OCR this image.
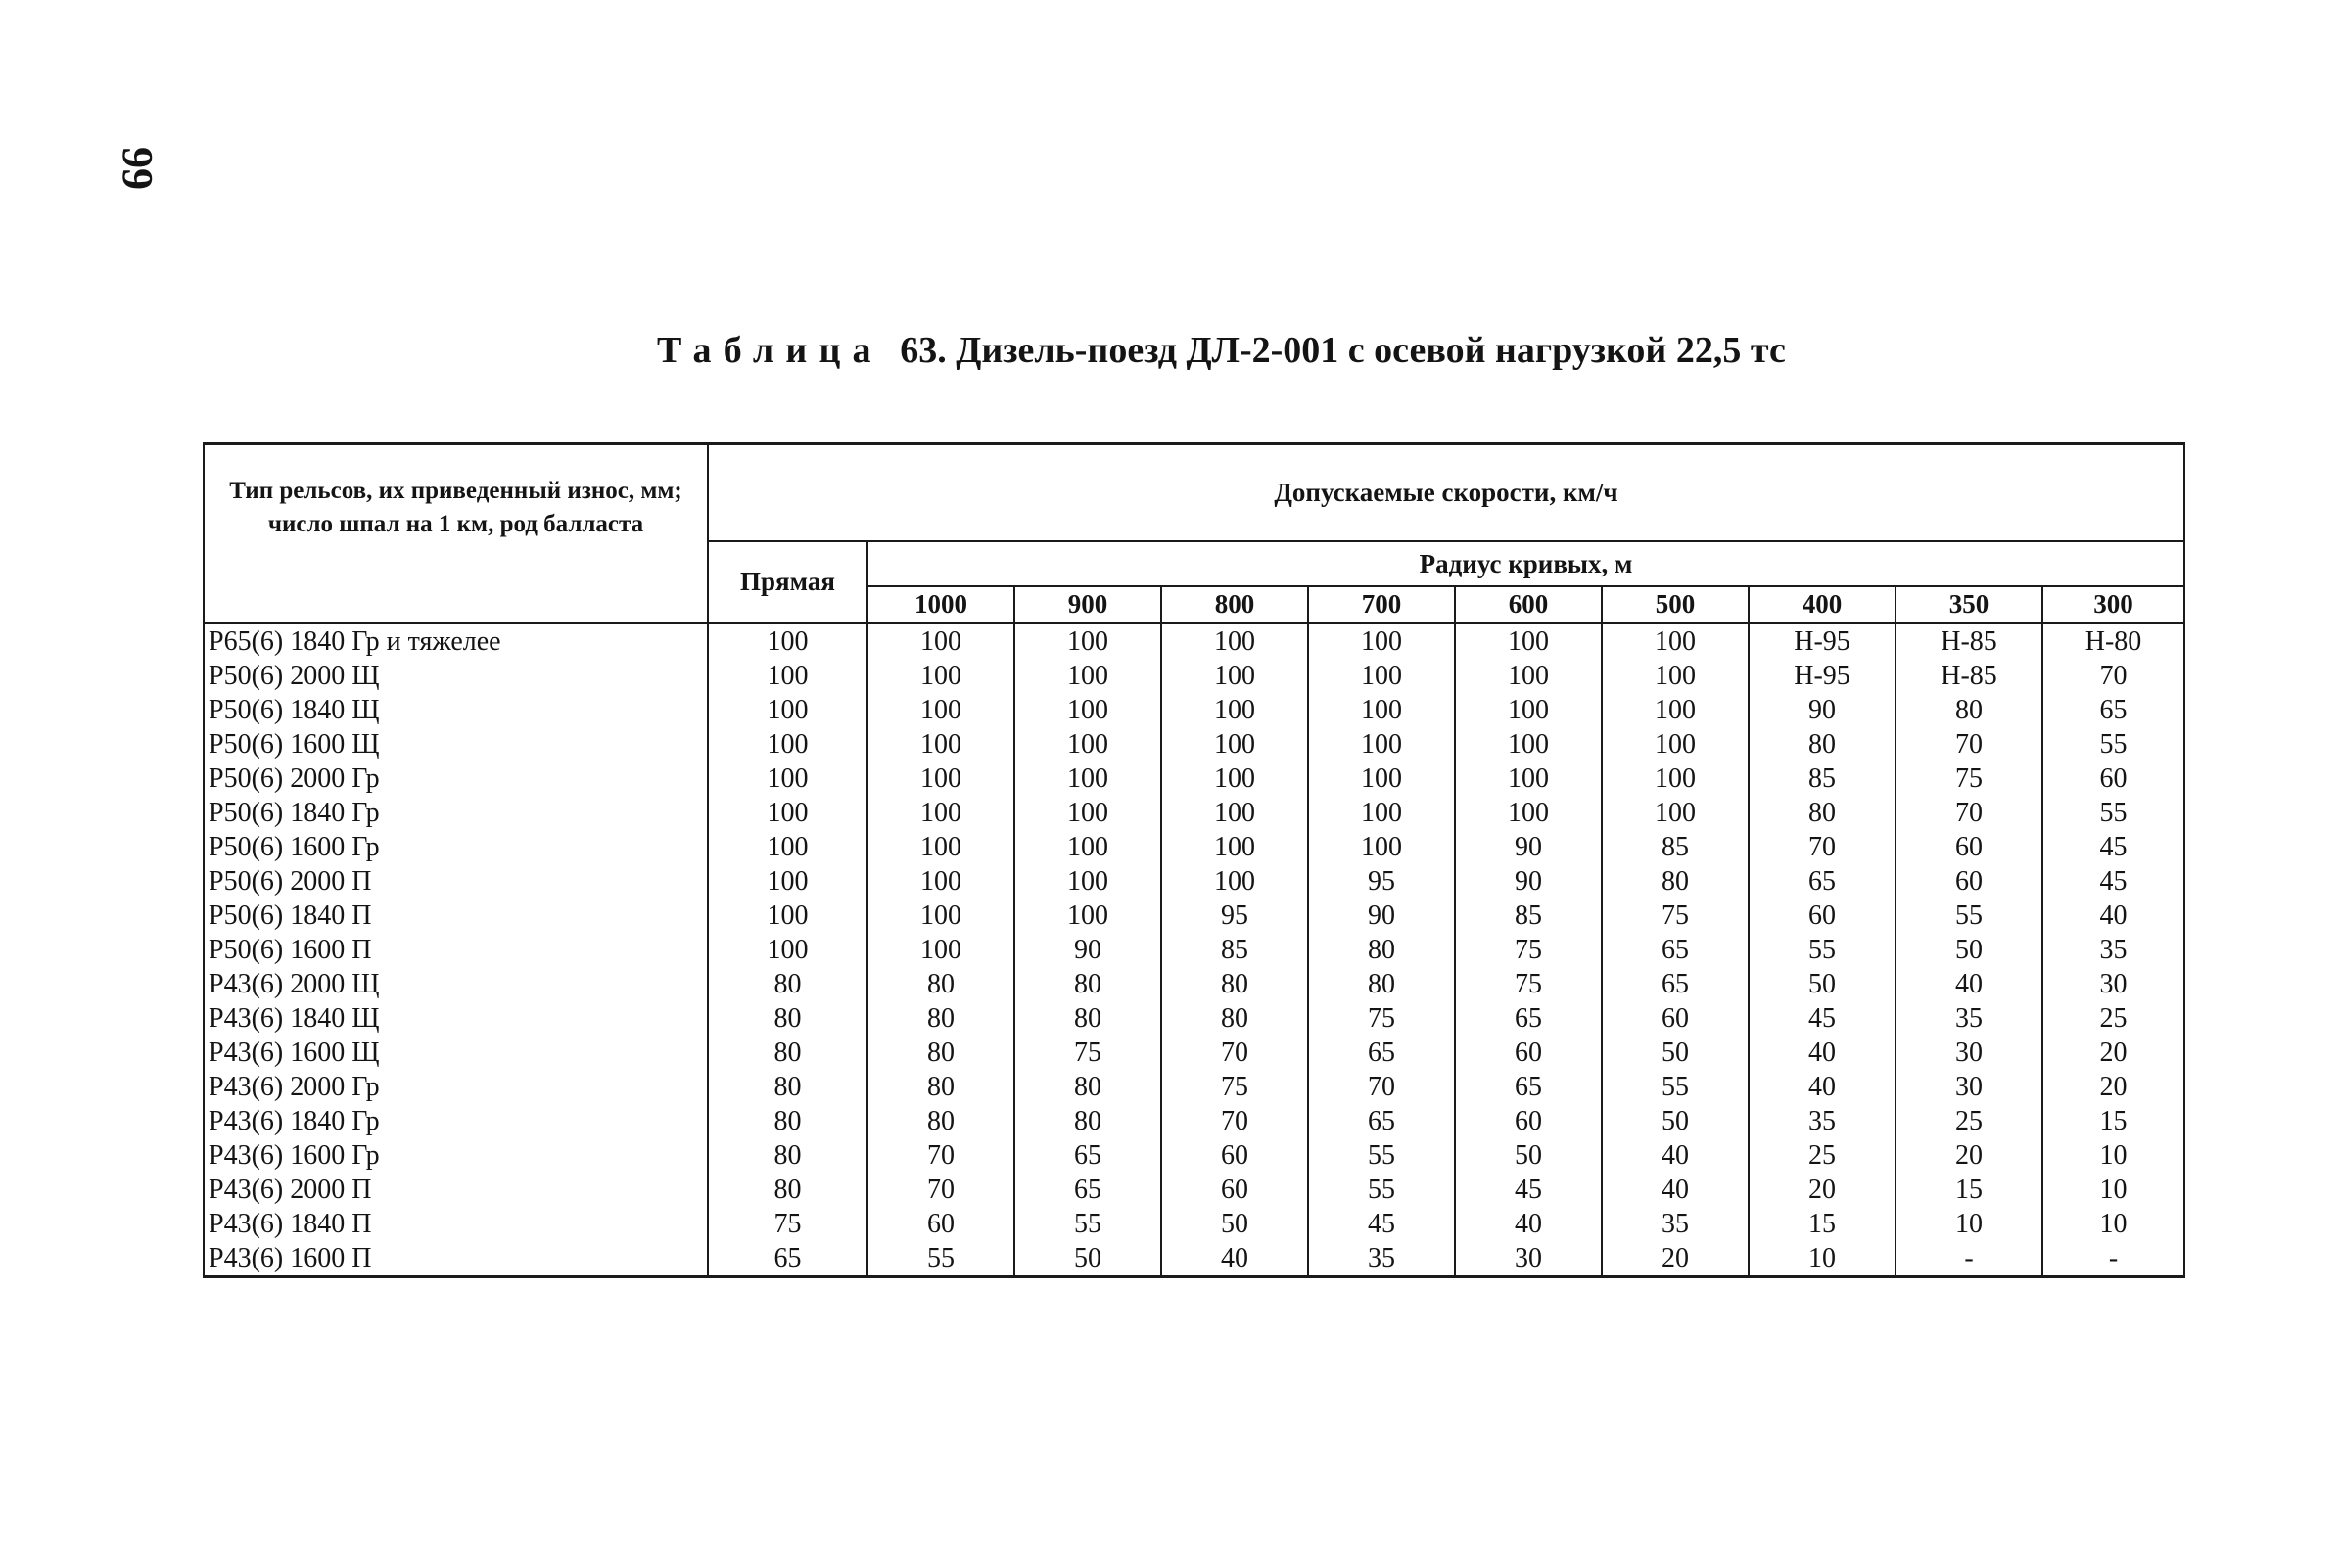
99
Таблица 63. Дизель-поезд ДЛ-2-001 с осевой нагрузкой 22,5 тс
Тип рельсов, их приведенный износ, мм; число шпал на 1 км, род балласта	Допускаемые скорости, км/ч									
	Прямая	Радиус кривых, м								
		1000	900	800	700	600	500	400	350	300
Р65(6) 1840 Гр и тяжелее	100	100	100	100	100	100	100	Н-95	Н-85	Н-80
Р50(6) 2000 Щ	100	100	100	100	100	100	100	Н-95	Н-85	70
Р50(6) 1840 Щ	100	100	100	100	100	100	100	90	80	65
Р50(6) 1600 Щ	100	100	100	100	100	100	100	80	70	55
Р50(6) 2000 Гр	100	100	100	100	100	100	100	85	75	60
Р50(6) 1840 Гр	100	100	100	100	100	100	100	80	70	55
Р50(6) 1600 Гр	100	100	100	100	100	90	85	70	60	45
Р50(6) 2000 П	100	100	100	100	95	90	80	65	60	45
Р50(6) 1840 П	100	100	100	95	90	85	75	60	55	40
Р50(6) 1600 П	100	100	90	85	80	75	65	55	50	35
Р43(6) 2000 Щ	80	80	80	80	80	75	65	50	40	30
Р43(6) 1840 Щ	80	80	80	80	75	65	60	45	35	25
Р43(6) 1600 Щ	80	80	75	70	65	60	50	40	30	20
Р43(6) 2000 Гр	80	80	80	75	70	65	55	40	30	20
Р43(6) 1840 Гр	80	80	80	70	65	60	50	35	25	15
Р43(6) 1600 Гр	80	70	65	60	55	50	40	25	20	10
Р43(6) 2000 П	80	70	65	60	55	45	40	20	15	10
Р43(6) 1840 П	75	60	55	50	45	40	35	15	10	10
Р43(6) 1600 П	65	55	50	40	35	30	20	10	-	-
